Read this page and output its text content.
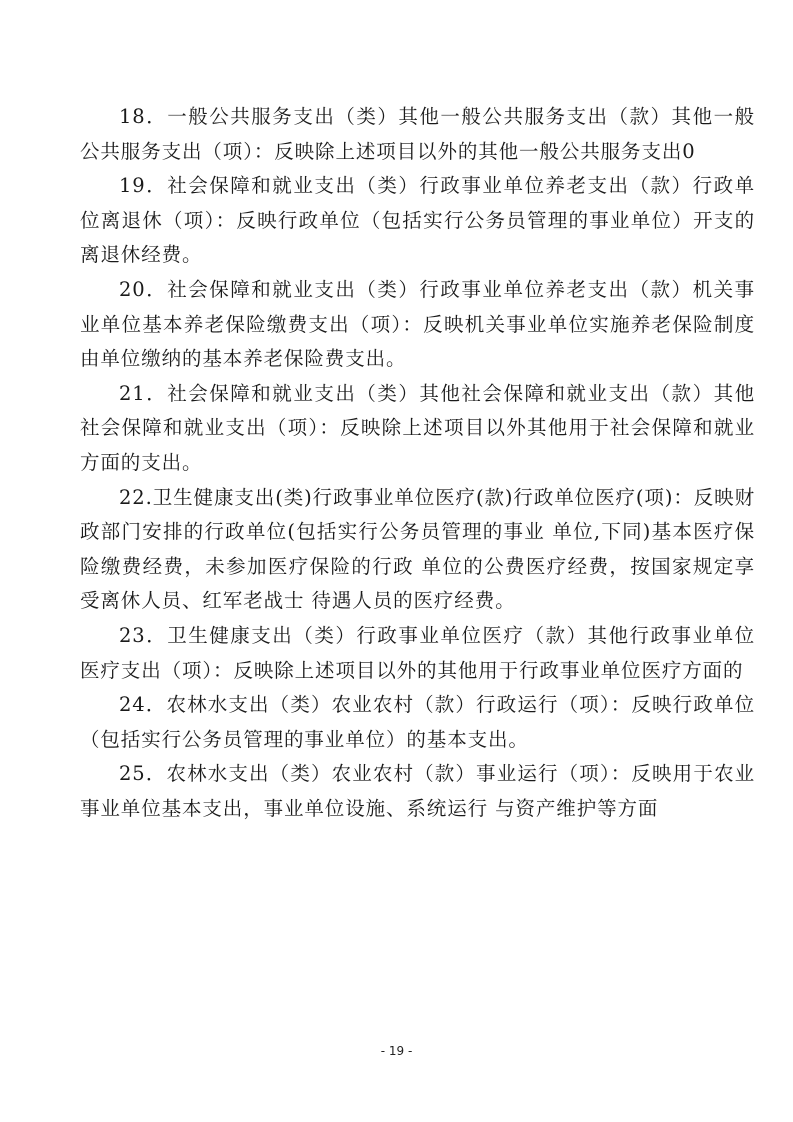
18．一般公共服务支出（类）其他一般公共服务支出（款）其他一般公共服务支出（项）：反映除上述项目以外的其他一般公共服务支出0

19．社会保障和就业支出（类）行政事业单位养老支出（款）行政单位离退休（项）：反映行政单位（包括实行公务员管理的事业单位）开支的 离退休经费。

20．社会保障和就业支出（类）行政事业单位养老支出（款）机关事业单位基本养老保险缴费支出（项）：反映机关事业单位实施养老保险制度由单位缴纳的基本养老保险费支出。

21．社会保障和就业支出（类）其他社会保障和就业支出（款）其他社会保障和就业支出（项）：反映除上述项目以外其他用于社会保障和就业方面的支出。

22.卫生健康支出(类)行政事业单位医疗(款)行政单位医疗(项)：反映财政部门安排的行政单位(包括实行公务员管理的事业 单位,下同)基本医疗保险缴费经费，未参加医疗保险的行政 单位的公费医疗经费，按国家规定享受离休人员、红军老战士 待遇人员的医疗经费。

23．卫生健康支出（类）行政事业单位医疗（款）其他行政事业单位医疗支出（项）：反映除上述项目以外的其他用于行政事业单位医疗方面的

24．农林水支出（类）农业农村（款）行政运行（项）：反映行政单位（包括实行公务员管理的事业单位）的基本支出。

25．农林水支出（类）农业农村（款）事业运行（项）：反映用于农业事业单位基本支出，事业单位设施、系统运行 与资产维护等方面

- 19 -
